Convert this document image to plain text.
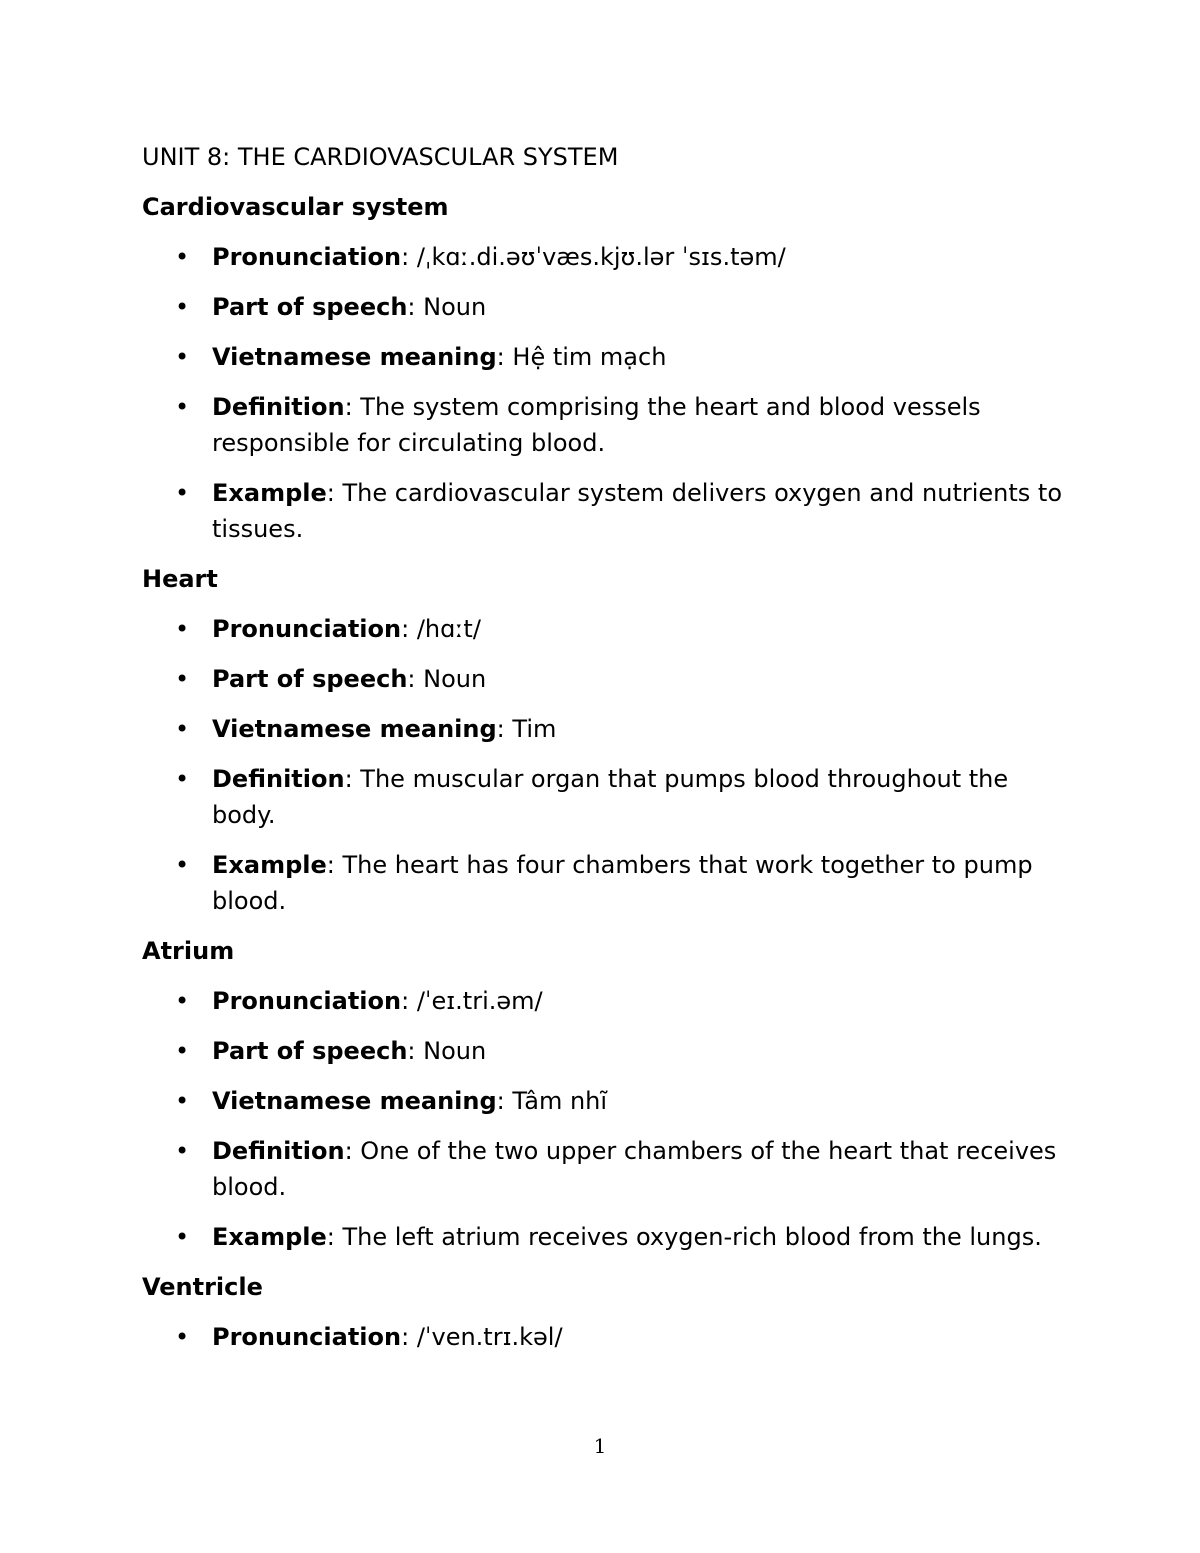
UNIT 8: THE CARDIOVASCULAR SYSTEM
Cardiovascular system
• Pronunciation: /ˌkɑː.di.əʊˈvæs.kjʊ.lər ˈsɪs.təm/
• Part of speech: Noun
• Vietnamese meaning: Hệ tim mạch
• Definition: The system comprising the heart and blood vessels responsible for circulating blood.
• Example: The cardiovascular system delivers oxygen and nutrients to tissues.
Heart
• Pronunciation: /hɑːt/
• Part of speech: Noun
• Vietnamese meaning: Tim
• Definition: The muscular organ that pumps blood throughout the body.
• Example: The heart has four chambers that work together to pump blood.
Atrium
• Pronunciation: /ˈeɪ.tri.əm/
• Part of speech: Noun
• Vietnamese meaning: Tâm nhĩ
• Definition: One of the two upper chambers of the heart that receives blood.
• Example: The left atrium receives oxygen-rich blood from the lungs.
Ventricle
• Pronunciation: /ˈven.trɪ.kəl/
1
